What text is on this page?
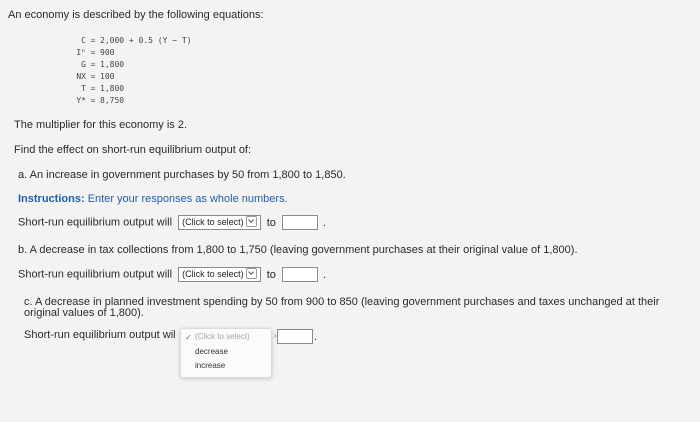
An economy is described by the following equations:
C = 2,000 + 0.5 (Y − T)
Iᴾ = 900
G = 1,800
NX = 100
T = 1,800
Y* = 8,750
The multiplier for this economy is 2.
Find the effect on short-run equilibrium output of:
a. An increase in government purchases by 50 from 1,800 to 1,850.
Instructions: Enter your responses as whole numbers.
Short-run equilibrium output will (Click to select) to	.
b. A decrease in tax collections from 1,800 to 1,750 (leaving government purchases at their original value of 1,800).
Short-run equilibrium output will (Click to select) to	.
c. A decrease in planned investment spending by 50 from 900 to 850 (leaving government purchases and taxes unchanged at their
original values of 1,800).
Short-run equilibrium output wil	.
✓ (Click to select)	›
decrease
increase
